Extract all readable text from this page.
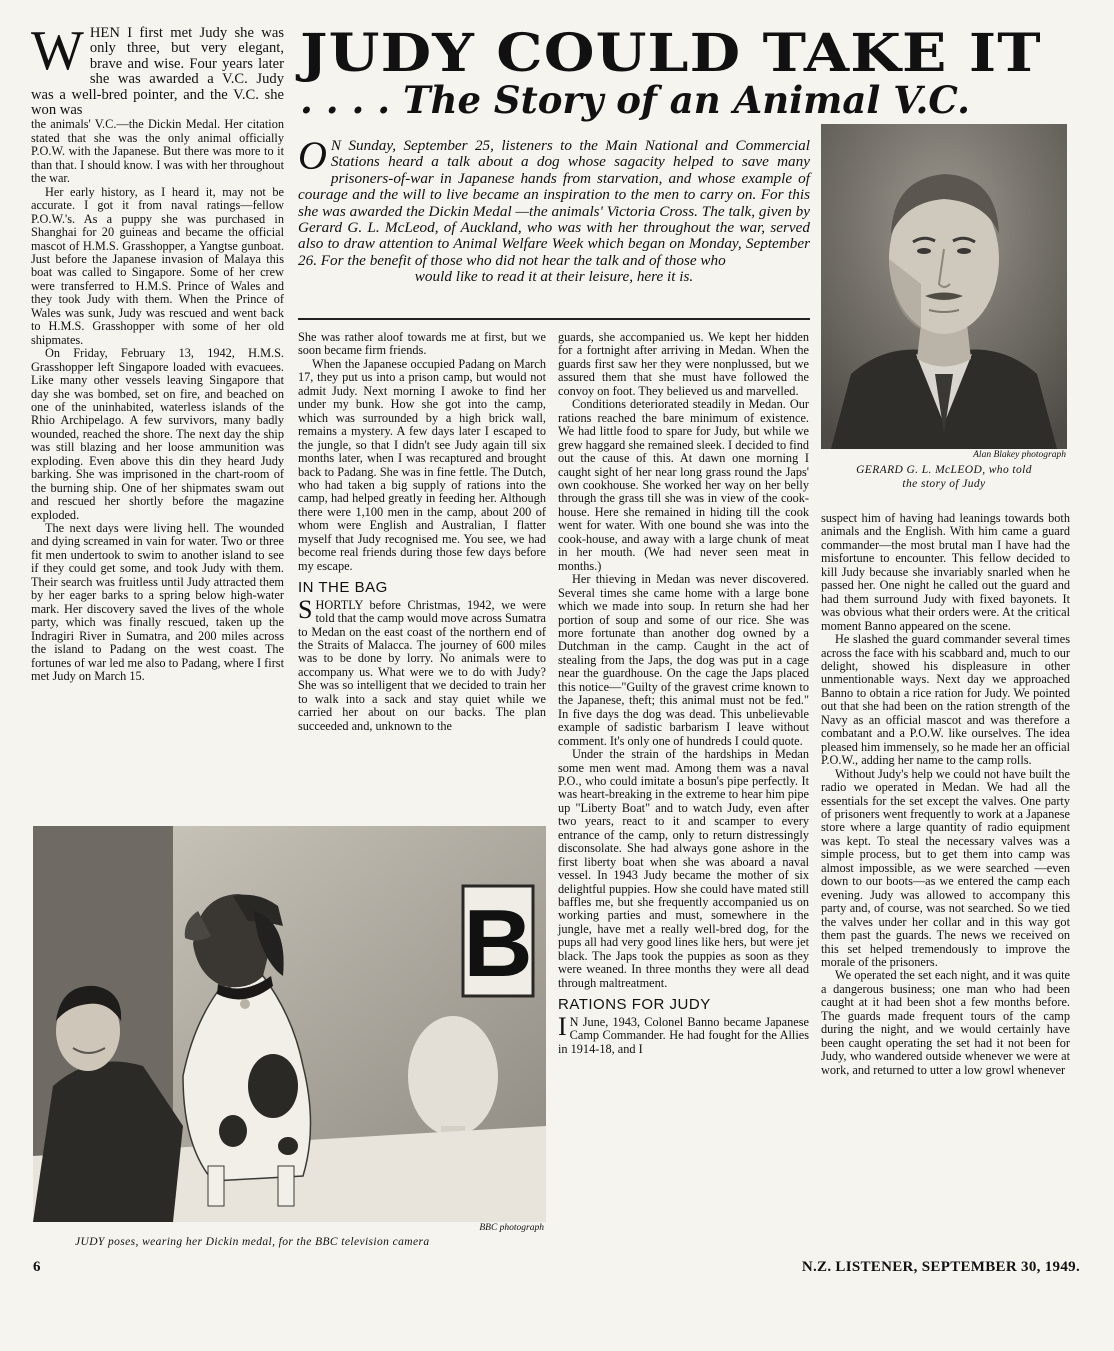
W HEN I first met Judy she was only three, but very elegant, brave and wise. Four years later she was awarded a V.C. Judy was a well-bred pointer, and the V.C. she won was

the animals' V.C.—the Dickin Medal. Her citation stated that she was the only animal officially P.O.W. with the Japanese. But there was more to it than that. I should know. I was with her throughout the war.

Her early history, as I heard it, may not be accurate. I got it from naval ratings—fellow P.O.W.'s. As a puppy she was purchased in Shanghai for 20 guineas and became the official mascot of H.M.S. Grasshopper, a Yangtse gunboat. Just before the Japanese invasion of Malaya this boat was called to Singapore. Some of her crew were transferred to H.M.S. Prince of Wales and they took Judy with them. When the Prince of Wales was sunk, Judy was rescued and went back to H.M.S. Grasshopper with some of her old shipmates.

On Friday, February 13, 1942, H.M.S. Grasshopper left Singapore loaded with evacuees. Like many other vessels leaving Singapore that day she was bombed, set on fire, and beached on one of the uninhabited, waterless islands of the Rhio Archipelago. A few survivors, many badly wounded, reached the shore. The next day the ship was still blazing and her loose ammunition was exploding. Even above this din they heard Judy barking. She was imprisoned in the chart-room of the burning ship. One of her shipmates swam out and rescued her shortly before the magazine exploded.

The next days were living hell. The wounded and dying screamed in vain for water. Two or three fit men undertook to swim to another island to see if they could get some, and took Judy with them. Their search was fruitless until Judy attracted them by her eager barks to a spring below high-water mark. Her discovery saved the lives of the whole party, which was finally rescued, taken up the Indragiri River in Sumatra, and 200 miles across the island to Padang on the west coast. The fortunes of war led me also to Padang, where I first met Judy on March 15.

JUDY COULD TAKE IT
. . . . The Story of an Animal V.C.
O N Sunday, September 25, listeners to the Main National and Commercial Stations heard a talk about a dog whose sagacity helped to save many prisoners-of-war in Japanese hands from starvation, and whose example of courage and the will to live became an inspiration to the men to carry on. For this she was awarded the Dickin Medal —the animals' Victoria Cross. The talk, given by Gerard G. L. McLeod, of Auckland, who was with her throughout the war, served also to draw attention to Animal Welfare Week which began on Monday, September 26. For the benefit of those who did not hear the talk and of those who
would like to read it at their leisure, here it is.

She was rather aloof towards me at first, but we soon became firm friends.

When the Japanese occupied Padang on March 17, they put us into a prison camp, but would not admit Judy. Next morning I awoke to find her under my bunk. How she got into the camp, which was surrounded by a high brick wall, remains a mystery. A few days later I escaped to the jungle, so that I didn't see Judy again till six months later, when I was recaptured and brought back to Padang. She was in fine fettle. The Dutch, who had taken a big supply of rations into the camp, had helped greatly in feeding her. Although there were 1,100 men in the camp, about 200 of whom were English and Australian, I flatter myself that Judy recognised me. You see, we had become real friends during those few days before my escape.

IN THE BAG

SHORTLY before Christmas, 1942, we were told that the camp would move across Sumatra to Medan on the east coast of the northern end of the Straits of Malacca. The journey of 600 miles was to be done by lorry. No animals were to accompany us. What were we to do with Judy? She was so intelligent that we decided to train her to walk into a sack and stay quiet while we carried her about on our backs. The plan succeeded and, unknown to the

guards, she accompanied us. We kept her hidden for a fortnight after arriving in Medan. When the guards first saw her they were nonplussed, but we assured them that she must have followed the convoy on foot. They believed us and marvelled.

Conditions deteriorated steadily in Medan. Our rations reached the bare minimum of existence. We had little food to spare for Judy, but while we grew haggard she remained sleek. I decided to find out the cause of this. At dawn one morning I caught sight of her near long grass round the Japs' own cookhouse. She worked her way on her belly through the grass till she was in view of the cook-house. Here she remained in hiding till the cook went for water. With one bound she was into the cook-house, and away with a large chunk of meat in her mouth. (We had never seen meat in months.)

Her thieving in Medan was never discovered. Several times she came home with a large bone which we made into soup. In return she had her portion of soup and some of our rice. She was more fortunate than another dog owned by a Dutchman in the camp. Caught in the act of stealing from the Japs, the dog was put in a cage near the guardhouse. On the cage the Japs placed this notice—"Guilty of the gravest crime known to the Japanese, theft; this animal must not be fed." In five days the dog was dead. This unbelievable example of sadistic barbarism I leave without comment. It's only one of hundreds I could quote.

Under the strain of the hardships in Medan some men went mad. Among them was a naval P.O., who could imitate a bosun's pipe perfectly. It was heart-breaking in the extreme to hear him pipe up "Liberty Boat" and to watch Judy, even after two years, react to it and scamper to every entrance of the camp, only to return distressingly disconsolate. She had always gone ashore in the first liberty boat when she was aboard a naval vessel. In 1943 Judy became the mother of six delightful puppies. How she could have mated still baffles me, but she frequently accompanied us on working parties and must, somewhere in the jungle, have met a really well-bred dog, for the pups all had very good lines like hers, but were jet black. The Japs took the puppies as soon as they were weaned. In three months they were all dead through maltreatment.

RATIONS FOR JUDY

I N June, 1943, Colonel Banno became Japanese Camp Commander. He had fought for the Allies in 1914-18, and I

Alan Blakey photograph
GERARD G. L. McLEOD, who told
the story of Judy

suspect him of having had leanings towards both animals and the English. With him came a guard commander—the most brutal man I have had the misfortune to encounter. This fellow decided to kill Judy because she invariably snarled when he passed her. One night he called out the guard and had them surround Judy with fixed bayonets. It was obvious what their orders were. At the critical moment Banno appeared on the scene.

He slashed the guard commander several times across the face with his scabbard and, much to our delight, showed his displeasure in other unmentionable ways. Next day we approached Banno to obtain a rice ration for Judy. We pointed out that she had been on the ration strength of the Navy as an official mascot and was therefore a combatant and a P.O.W. like ourselves. The idea pleased him immensely, so he made her an official P.O.W., adding her name to the camp rolls.

Without Judy's help we could not have built the radio we operated in Medan. We had all the essentials for the set except the valves. One party of prisoners went frequently to work at a Japanese store where a large quantity of radio equipment was kept. To steal the necessary valves was a simple process, but to get them into camp was almost impossible, as we were searched —even down to our boots—as we entered the camp each evening. Judy was allowed to accompany this party and, of course, was not searched. So we tied the valves under her collar and in this way got them past the guards. The news we received on this set helped tremendously to improve the morale of the prisoners.

We operated the set each night, and it was quite a dangerous business; one man who had been caught at it had been shot a few months before. The guards made frequent tours of the camp during the night, and we would certainly have been caught operating the set had it not been for Judy, who wandered outside whenever we were at work, and returned to utter a low growl whenever

B
BBC photograph
JUDY poses, wearing her Dickin medal, for the BBC television camera
6	N.Z. LISTENER, SEPTEMBER 30, 1949.
